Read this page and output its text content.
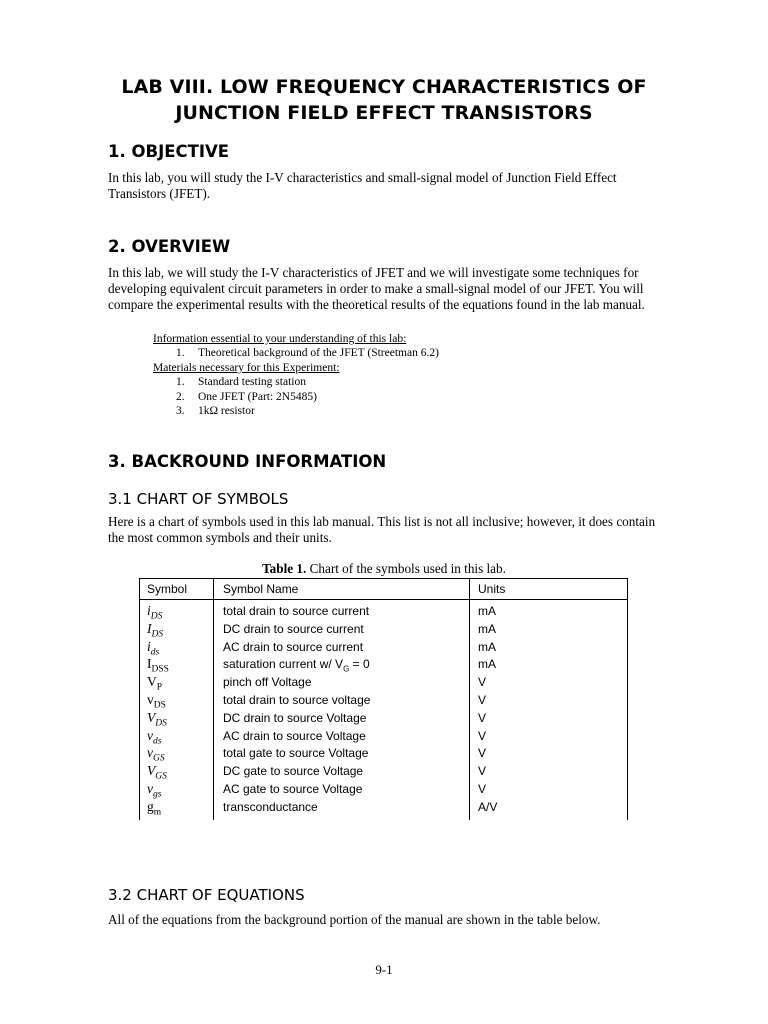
LAB VIII. LOW FREQUENCY CHARACTERISTICS OF
JUNCTION FIELD EFFECT TRANSISTORS
1. OBJECTIVE
In this lab, you will study the I-V characteristics and small-signal model of Junction Field Effect Transistors (JFET).
2. OVERVIEW
In this lab, we will study the I-V characteristics of JFET and we will investigate some techniques for developing equivalent circuit parameters in order to make a small-signal model of our JFET. You will compare the experimental results with the theoretical results of the equations found in the lab manual.
Information essential to your understanding of this lab:
1. Theoretical background of the JFET (Streetman 6.2)
Materials necessary for this Experiment:
1. Standard testing station
2. One JFET (Part: 2N5485)
3. 1kΩ resistor
3. BACKROUND INFORMATION
3.1 CHART OF SYMBOLS
Here is a chart of symbols used in this lab manual. This list is not all inclusive; however, it does contain the most common symbols and their units.
Table 1. Chart of the symbols used in this lab.
Symbol	Symbol Name	Units
$i_{DS}$	total drain to source current	mA
$I_{DS}$	DC drain to source current	mA
$i_{ds}$	AC drain to source current	mA
$I_{DSS}$	saturation current w/ $V_G = 0$	mA
$V_P$	pinch off Voltage	V
$v_{DS}$	total drain to source voltage	V
$V_{DS}$	DC drain to source Voltage	V
$v_{ds}$	AC drain to source Voltage	V
$v_{GS}$	total gate to source Voltage	V
$V_{GS}$	DC gate to source Voltage	V
$v_{gs}$	AC gate to source Voltage	V
$g_m$	transconductance	A/V
3.2 CHART OF EQUATIONS
All of the equations from the background portion of the manual are shown in the table below.
9-1
